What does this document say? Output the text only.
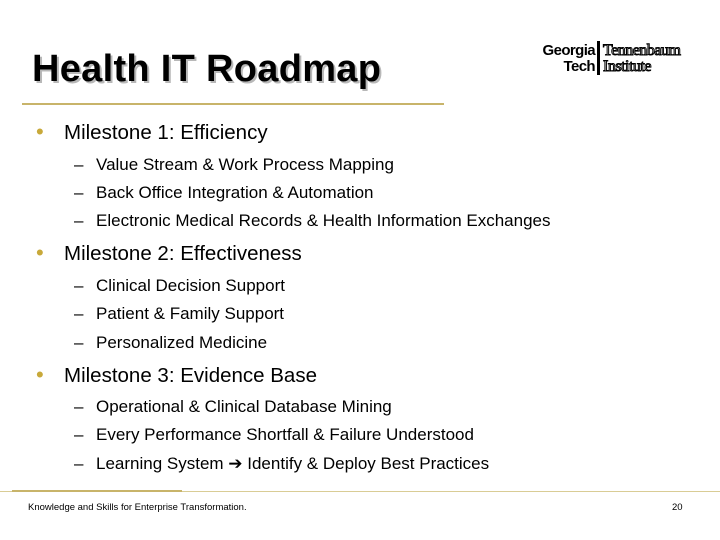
Health IT Roadmap	Georgia
Tech
Tennenbaum
Institute
• Milestone 1: Efficiency
– Value Stream & Work Process Mapping
– Back Office Integration & Automation
– Electronic Medical Records & Health Information Exchanges
• Milestone 2: Effectiveness
– Clinical Decision Support
– Patient & Family Support
– Personalized Medicine
• Milestone 3: Evidence Base
– Operational & Clinical Database Mining
– Every Performance Shortfall & Failure Understood
– Learning System ➔ Identify & Deploy Best Practices
Knowledge and Skills for Enterprise Transformation.	20
